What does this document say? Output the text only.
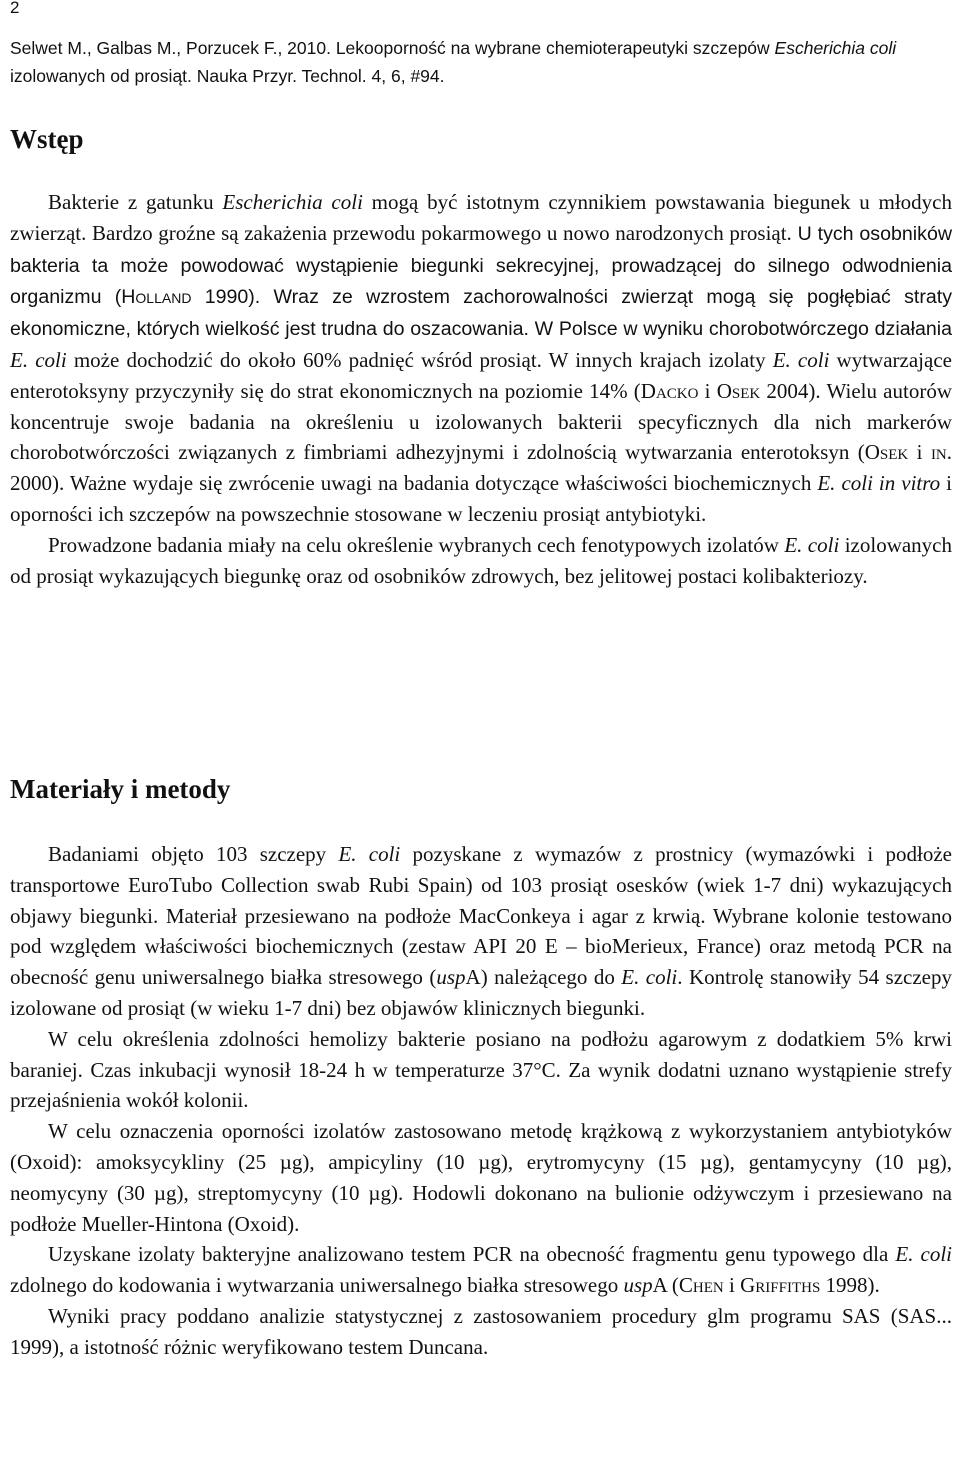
2
Selwet M., Galbas M., Porzucek F., 2010. Lekooporność na wybrane chemioterapeutyki szczepów Escherichia coli
izolowanych od prosiąt. Nauka Przyr. Technol. 4, 6, #94.
Wstęp

Bakterie z gatunku Escherichia coli mogą być istotnym czynnikiem powstawania biegunek u młodych zwierząt. Bardzo groźne są zakażenia przewodu pokarmowego u nowo narodzonych prosiąt. U tych osobników bakteria ta może powodować wystąpienie biegunki sekrecyjnej, prowadzącej do silnego odwodnienia organizmu (Holland 1990). Wraz ze wzrostem zachorowalności zwierząt mogą się pogłębiać straty ekonomiczne, których wielkość jest trudna do oszacowania. W Polsce w wyniku chorobotwórczego działania E. coli może dochodzić do około 60% padnięć wśród prosiąt. W innych krajach izolaty E. coli wytwarzające enterotoksyny przyczyniły się do strat ekonomicznych na poziomie 14% (Dacko i Osek 2004). Wielu autorów koncentruje swoje badania na określeniu u izolowanych bakterii specyficznych dla nich markerów chorobotwórczości związanych z fimbriami adhezyjnymi i zdolnością wytwarzania enterotoksyn (Osek i in. 2000). Ważne wydaje się zwrócenie uwagi na badania dotyczące właściwości biochemicznych E. coli in vitro i oporności ich szczepów na powszechnie stosowane w leczeniu prosiąt antybiotyki.

Prowadzone badania miały na celu określenie wybranych cech fenotypowych izolatów E. coli izolowanych od prosiąt wykazujących biegunkę oraz od osobników zdrowych, bez jelitowej postaci kolibakteriozy.

Materiały i metody

Badaniami objęto 103 szczepy E. coli pozyskane z wymazów z prostnicy (wymazówki i podłoże transportowe EuroTubo Collection swab Rubi Spain) od 103 prosiąt osesków (wiek 1-7 dni) wykazujących objawy biegunki. Materiał przesiewano na podłoże MacConkeya i agar z krwią. Wybrane kolonie testowano pod względem właściwości biochemicznych (zestaw API 20 E – bioMerieux, France) oraz metodą PCR na obecność genu uniwersalnego białka stresowego (uspA) należącego do E. coli. Kontrolę stanowiły 54 szczepy izolowane od prosiąt (w wieku 1-7 dni) bez objawów klinicznych biegunki.

W celu określenia zdolności hemolizy bakterie posiano na podłożu agarowym z dodatkiem 5% krwi baraniej. Czas inkubacji wynosił 18-24 h w temperaturze 37°C. Za wynik dodatni uznano wystąpienie strefy przejaśnienia wokół kolonii.

W celu oznaczenia oporności izolatów zastosowano metodę krążkową z wykorzystaniem antybiotyków (Oxoid): amoksycykliny (25 µg), ampicyliny (10 µg), erytromycyny (15 µg), gentamycyny (10 µg), neomycyny (30 µg), streptomycyny (10 µg). Hodowli dokonano na bulionie odżywczym i przesiewano na podłoże Mueller-Hintona (Oxoid).

Uzyskane izolaty bakteryjne analizowano testem PCR na obecność fragmentu genu typowego dla E. coli zdolnego do kodowania i wytwarzania uniwersalnego białka stresowego uspA (Chen i Griffiths 1998).

Wyniki pracy poddano analizie statystycznej z zastosowaniem procedury glm programu SAS (SAS... 1999), a istotność różnic weryfikowano testem Duncana.
